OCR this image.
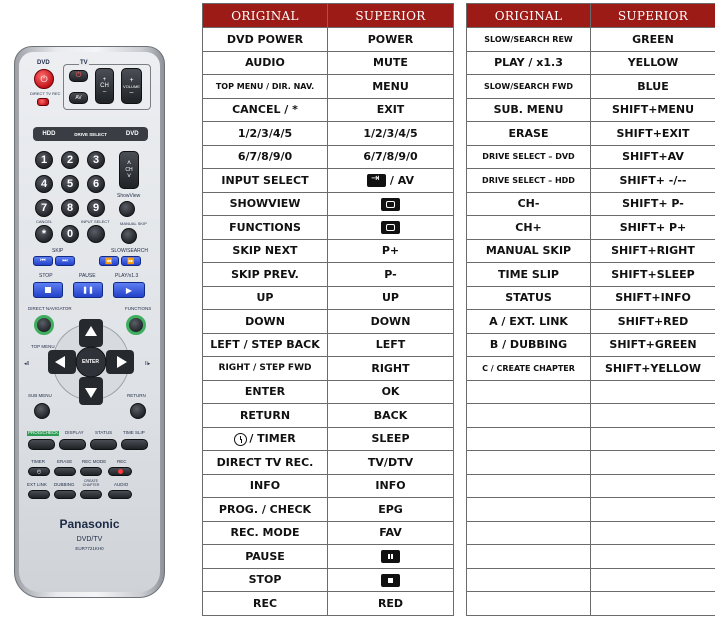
DVD
⏻
DIRECT TV REC
TV
⏻
AV
+
CH
–
+
VOLUME
–
HDD	DRIVE SELECT	DVD
1	2	3	˄
CH
˅
4	5	6
ShowView
7	8	9
CANCEL	INPUT SELECT	MANUAL SKIP
*	0
SKIP	SLOW/SEARCH
⏮	⏭	⏪ ⏩
STOP	PAUSE	PLAY/x1.3
❚❚	▶
DIRECT NAVIGATOR	FUNCTIONS
TOP MENU
ENTER
◂II	II▸
SUB MENU	RETURN
PROG/CHECK DISPLAY	STATUS TIME SLIP
TIMER	ERASE REC MODE REC
◴
EXT LINK DUBBING
CREATE CHAPTER	AUDIO
Panasonic
DVD/TV
EUR7721KH0
ORIGINAL	SUPERIOR
DVD POWER	POWER
AUDIO	MUTE
TOP MENU / DIR. NAV.	MENU
CANCEL / *	EXIT
1/2/3/4/5	1/2/3/4/5
6/7/8/9/0	6/7/8/9/0
INPUT SELECT	⇥/ AV
SHOWVIEW	
FUNCTIONS	
SKIP NEXT	P+
SKIP PREV.	P-
UP	UP
DOWN	DOWN
LEFT / STEP BACK	LEFT
RIGHT / STEP FWD	RIGHT
ENTER	OK
RETURN	BACK
/ TIMER	SLEEP
DIRECT TV REC.	TV/DTV
INFO	INFO
PROG. / CHECK	EPG
REC. MODE	FAV
PAUSE	
STOP	
REC	RED
ORIGINAL	SUPERIOR
SLOW/SEARCH REW	GREEN
PLAY / x1.3	YELLOW
SLOW/SEARCH FWD	BLUE
SUB. MENU	SHIFT+MENU
ERASE	SHIFT+EXIT
DRIVE SELECT – DVD	SHIFT+AV
DRIVE SELECT – HDD	SHIFT+ -/--
CH-	SHIFT+ P-
CH+	SHIFT+ P+
MANUAL SKIP	SHIFT+RIGHT
TIME SLIP	SHIFT+SLEEP
STATUS	SHIFT+INFO
A / EXT. LINK	SHIFT+RED
B / DUBBING	SHIFT+GREEN
C / CREATE CHAPTER	SHIFT+YELLOW
